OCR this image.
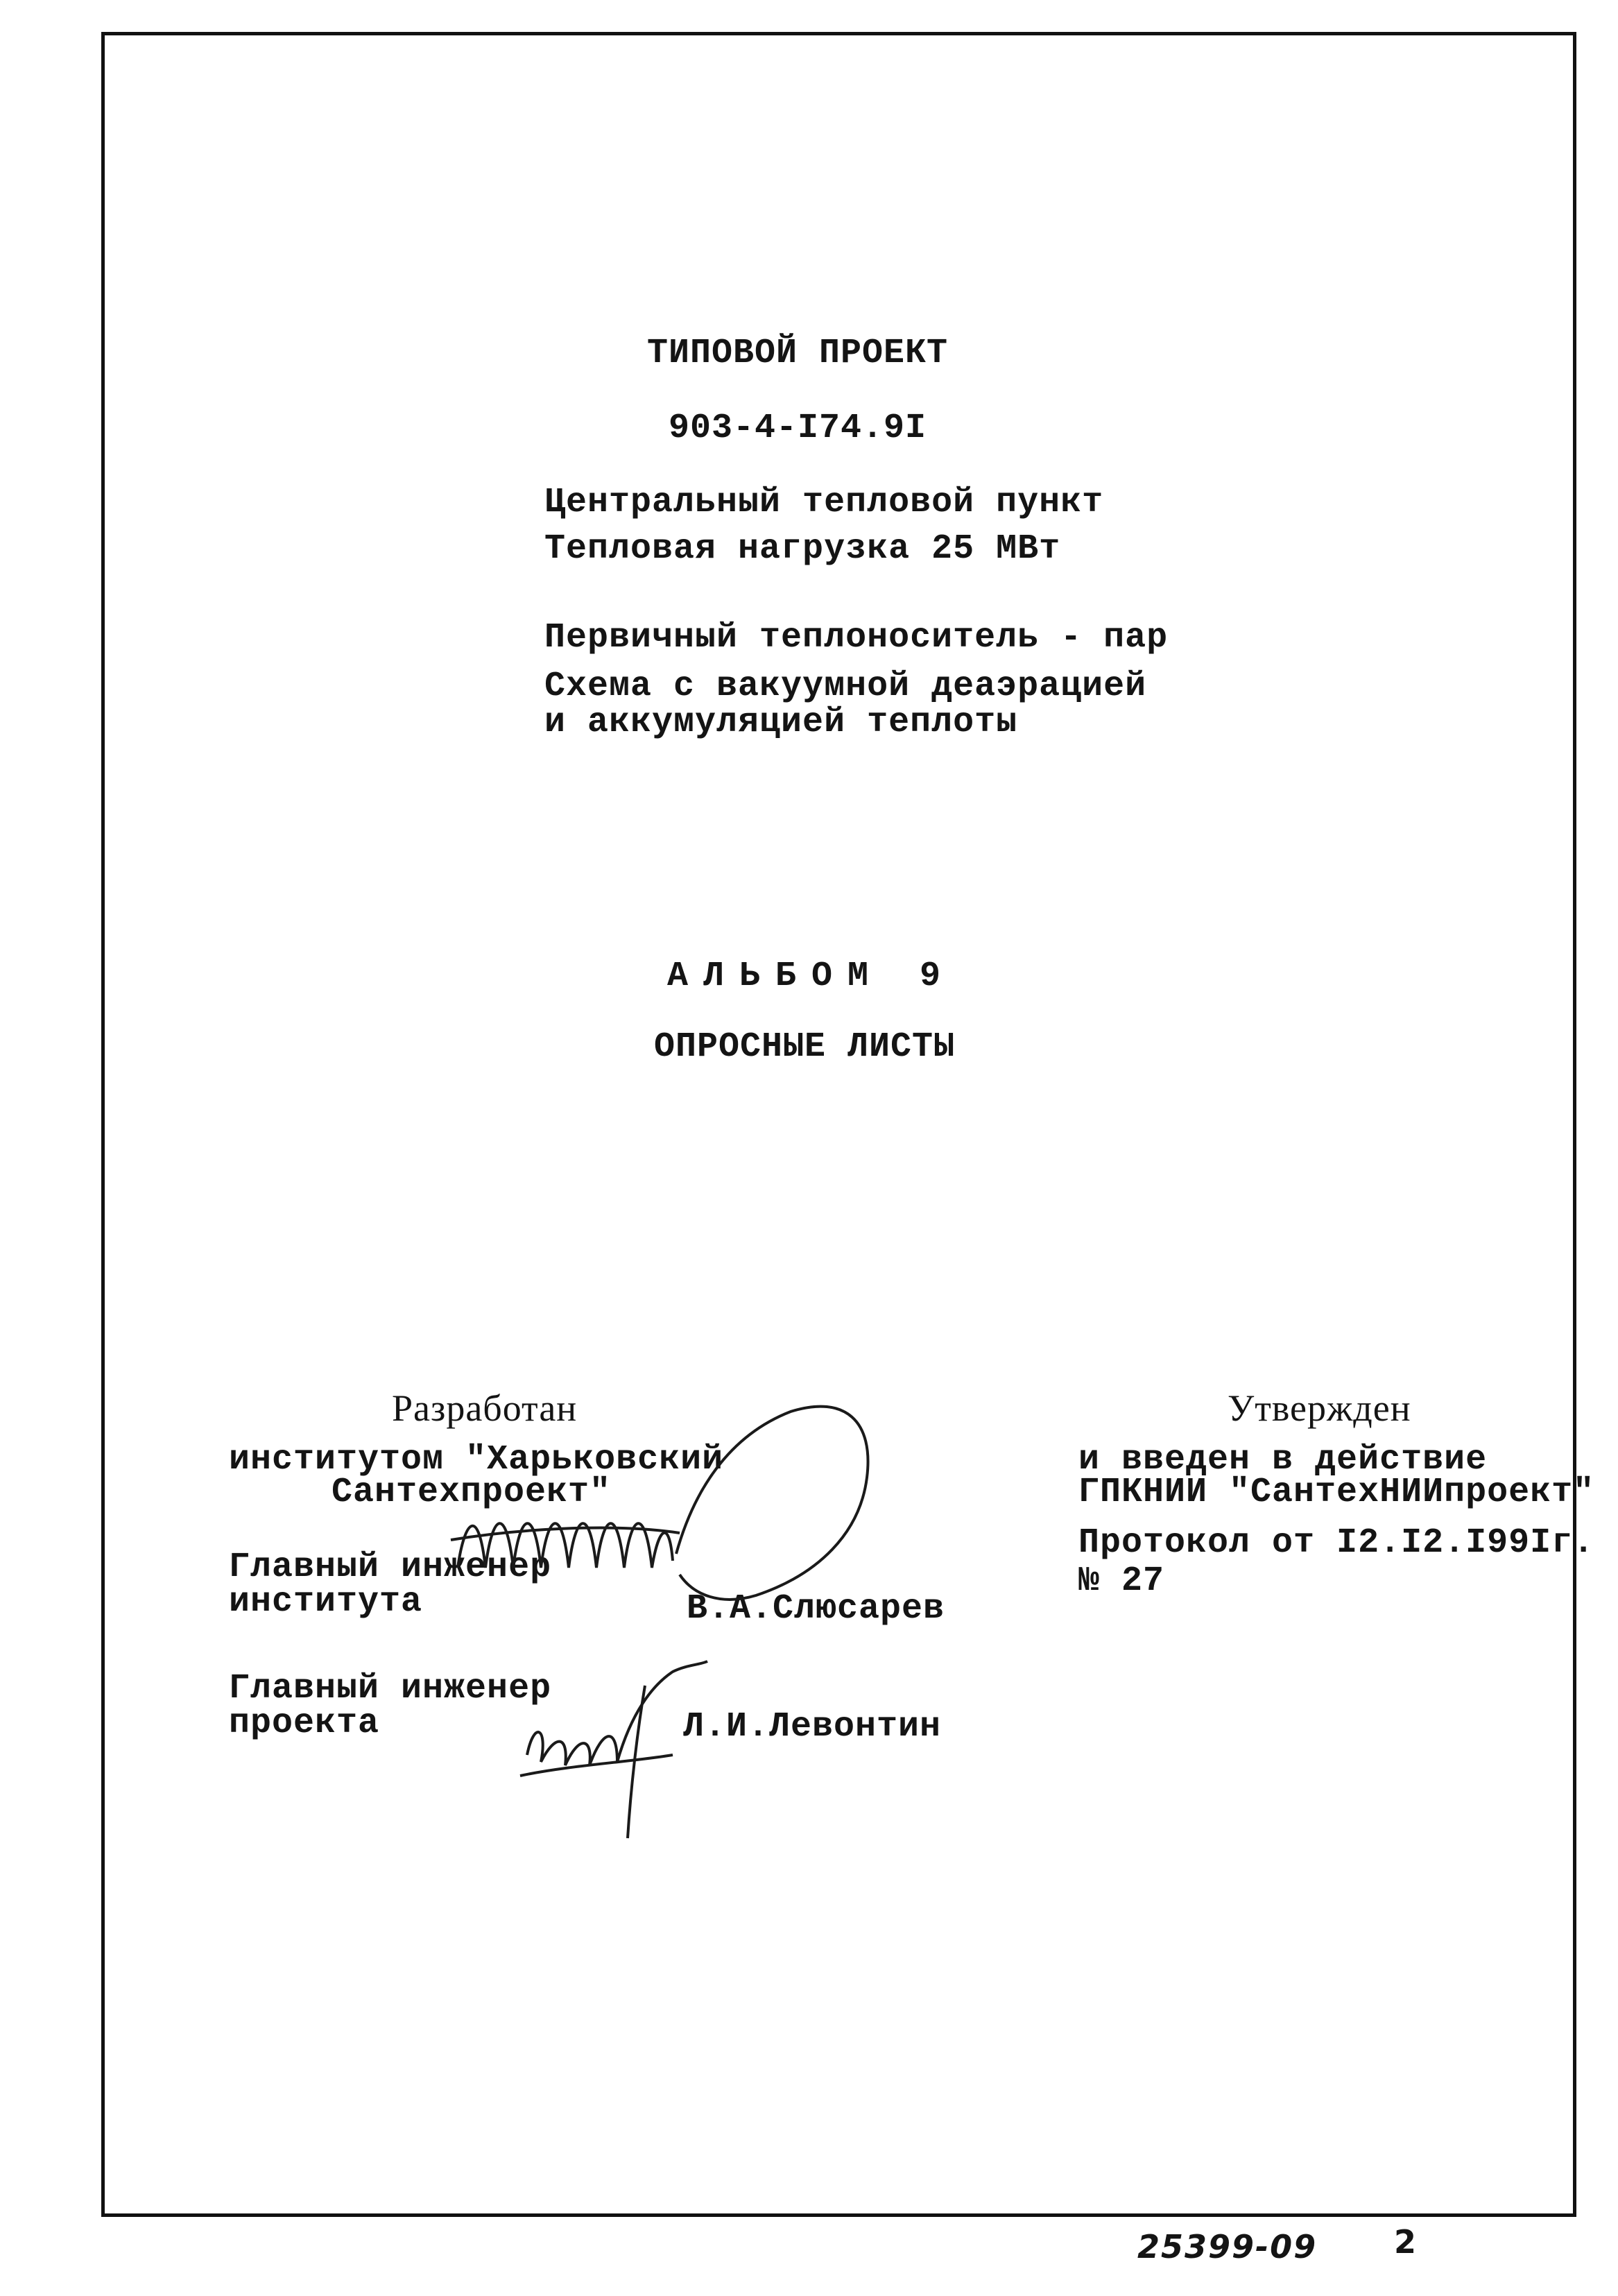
ТИПОВОЙ ПРОЕКТ
903-4-I74.9I
Центральный тепловой пункт
Тепловая нагрузка 25 МВт
Первичный теплоноситель - пар
Схема с вакуумной деаэрацией
и аккумуляцией теплоты
АЛЬБОМ 9
ОПРОСНЫЕ ЛИСТЫ
Разработан
институтом "Харьковский
Сантехпроект"
Главный инженер
института	В.А.Слюсарев
Главный инженер
проекта	Л.И.Левонтин
Утвержден
и введен в действие
ГПКНИИ "СантехНИИпроект"
Протокол от I2.I2.I99Iг.
№ 27
25399-09 2
